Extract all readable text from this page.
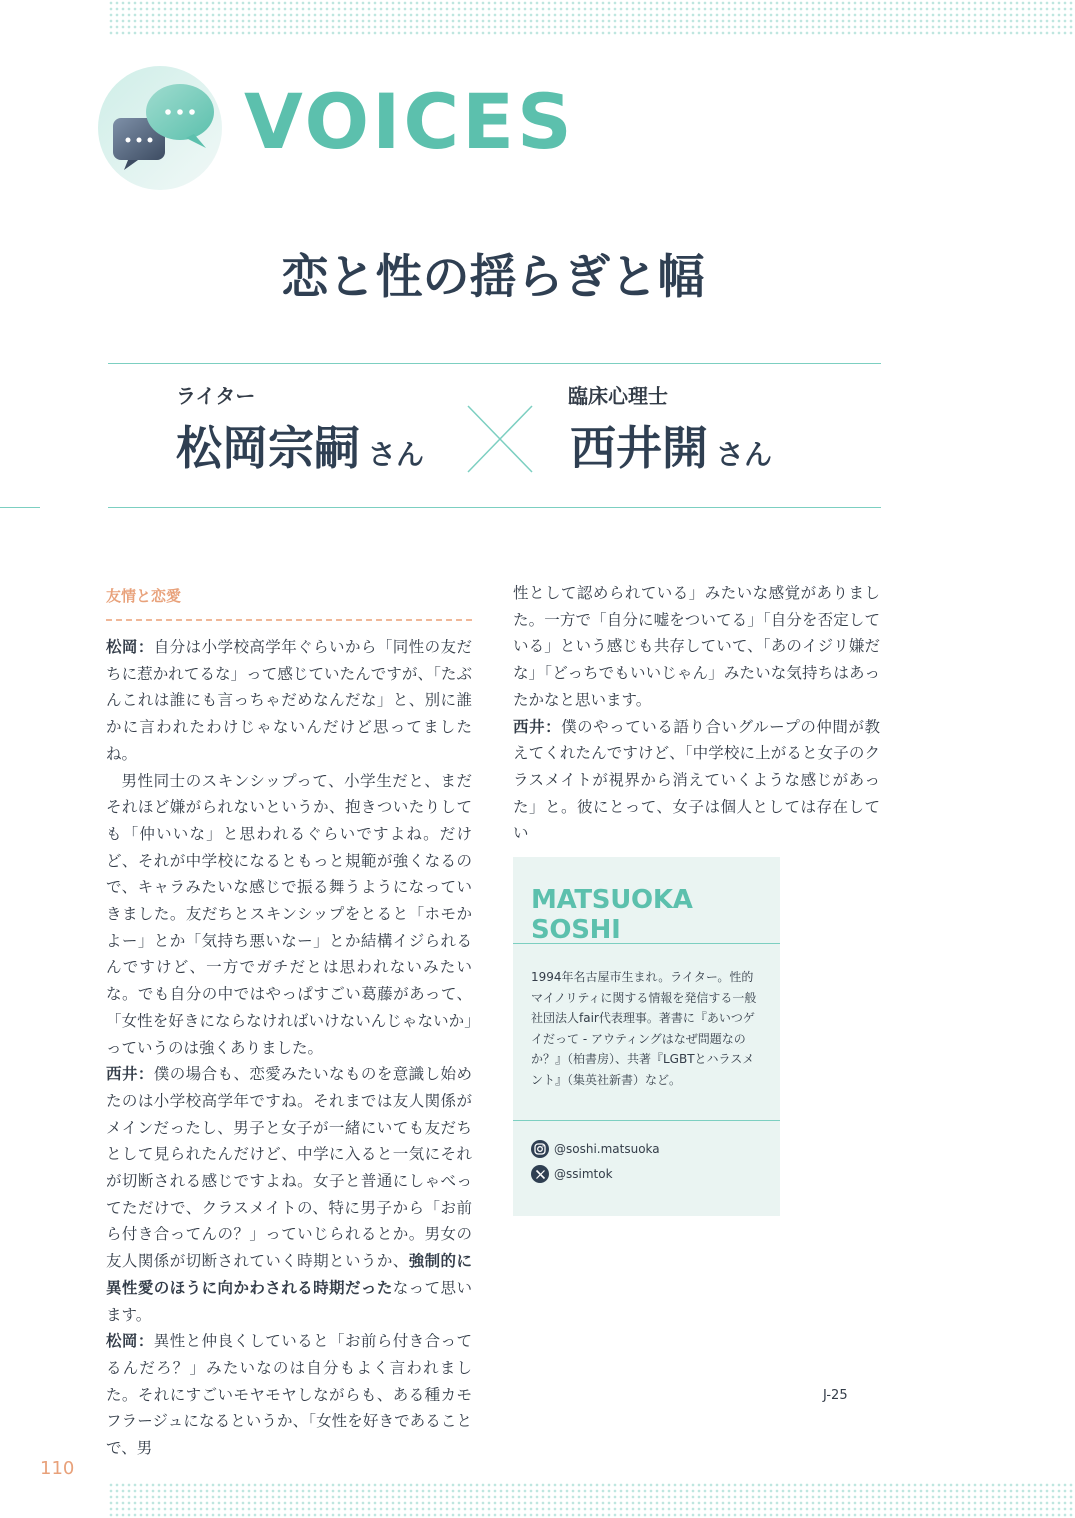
VOICES
恋と性の揺らぎと幅
ライター
松岡宗嗣 さん
臨床心理士
西井開 さん
友情と恋愛

松岡：自分は小学校高学年ぐらいから「同性の友だちに惹かれてるな」って感じていたんですが、「たぶんこれは誰にも言っちゃだめなんだな」と、別に誰かに言われたわけじゃないんだけど思ってましたね。

男性同士のスキンシップって、小学生だと、まだそれほど嫌がられないというか、抱きついたりしても「仲いいな」と思われるぐらいですよね。だけど、それが中学校になるともっと規範が強くなるので、キャラみたいな感じで振る舞うようになっていきました。友だちとスキンシップをとると「ホモかよー」とか「気持ち悪いなー」とか結構イジられるんですけど、一方でガチだとは思われないみたいな。でも自分の中ではやっぱすごい葛藤があって、「女性を好きにならなければいけないんじゃないか」っていうのは強くありました。

西井：僕の場合も、恋愛みたいなものを意識し始めたのは小学校高学年ですね。それまでは友人関係がメインだったし、男子と女子が一緒にいても友だちとして見られたんだけど、中学に入ると一気にそれが切断される感じですよね。女子と普通にしゃべってただけで、クラスメイトの、特に男子から「お前ら付き合ってんの？」っていじられるとか。男女の友人関係が切断されていく時期というか、強制的に異性愛のほうに向かわされる時期だったなって思います。

松岡：異性と仲良くしていると「お前ら付き合ってるんだろ？」みたいなのは自分もよく言われました。それにすごいモヤモヤしながらも、ある種カモフラージュになるというか、「女性を好きであることで、男

性として認められている」みたいな感覚がありました。一方で「自分に嘘をついてる」「自分を否定している」という感じも共存していて、「あのイジリ嫌だな」「どっちでもいいじゃん」みたいな気持ちはあったかなと思います。

西井：僕のやっている語り合いグループの仲間が教えてくれたんですけど、「中学校に上がると女子のクラスメイトが視界から消えていくような感じがあった」と。彼にとって、女子は個人としては存在してい

MATSUOKA SOSHI
1994年名古屋市生まれ。ライター。性的マイノリティに関する情報を発信する一般社団法人fair代表理事。著書に『あいつゲイだって - アウティングはなぜ問題なのか？』（柏書房）、共著『LGBTとハラスメント』（集英社新書）など。
@soshi.matsuoka
@ssimtok
J-25
110
